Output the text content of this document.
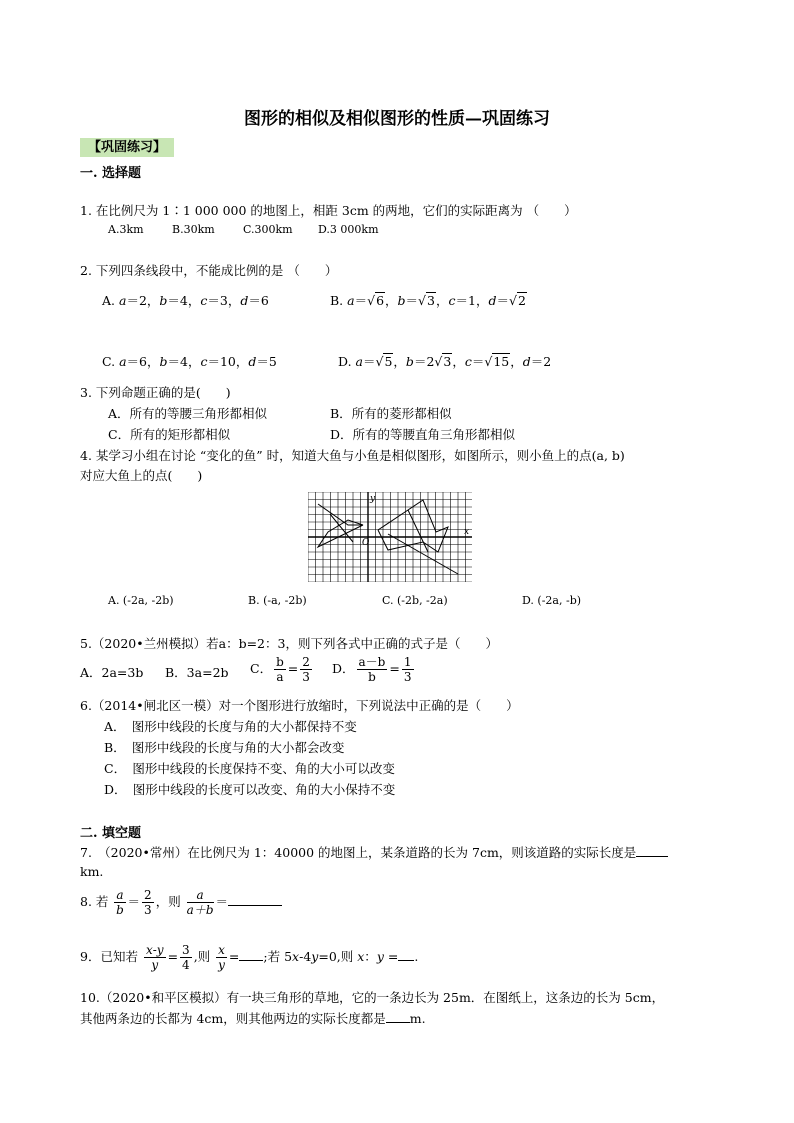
图形的相似及相似图形的性质—巩固练习
【巩固练习】
一. 选择题
1. 在比例尺为 1∶1 000 000 的地图上，相距 3cm 的两地，它们的实际距离为 （　　）
A.3km	B.30km	C.300km D.3 000km
2. 下列四条线段中，不能成比例的是 （　　）
A. a＝2，b＝4，c＝3，d＝6	B. a＝√6，b＝√3，c＝1，d＝√2
C. a＝6，b＝4，c＝10，d＝5	D. a＝√5，b＝2√3，c＝√15，d＝2
3. 下列命题正确的是(　　)
A．所有的等腰三角形都相似	B．所有的菱形都相似
C．所有的矩形都相似	D．所有的等腰直角三角形都相似
4. 某学习小组在讨论 “变化的鱼” 时，知道大鱼与小鱼是相似图形，如图所示，则小鱼上的点(a, b)
对应大鱼上的点(　　)
y
x
O
A. (-2a, -2b)	B. (-a, -2b)	C. (-2b, -2a)	D. (-2a, -b)
5.（2020•兰州模拟）若a：b=2：3，则下列各式中正确的式子是（　　）
A．2a=3b B．3a=2b C． $\frac{b}{a} = \frac{2}{3}$ D． $\frac{a-b}{b} = \frac{1}{3}$
6.（2014•闸北区一模）对一个图形进行放缩时，下列说法中正确的是（　　）
A．　图形中线段的长度与角的大小都保持不变
B．　图形中线段的长度与角的大小都会改变
C．　图形中线段的长度保持不变、角的大小可以改变
D．　图形中线段的长度可以改变、角的大小保持不变
二. 填空题
7.　（2020•常州）在比例尺为 1：40000 的地图上，某条道路的长为 7cm，则该道路的实际长度是
km.
8. 若 $\frac{a}{b} = \frac{2}{3}$ ，则 $\frac{a}{a+b}$ ＝
9．已知若 $\frac{x-y}{y} = \frac{3}{4}$ ,则 $\frac{x}{y}$ = ;若 5x-4y=0,则 x：y = .
10.（2020•和平区模拟）有一块三角形的草地，它的一条边长为 25m．在图纸上，这条边的长为 5cm，
其他两条边的长都为 4cm，则其他两边的实际长度都是 m.
